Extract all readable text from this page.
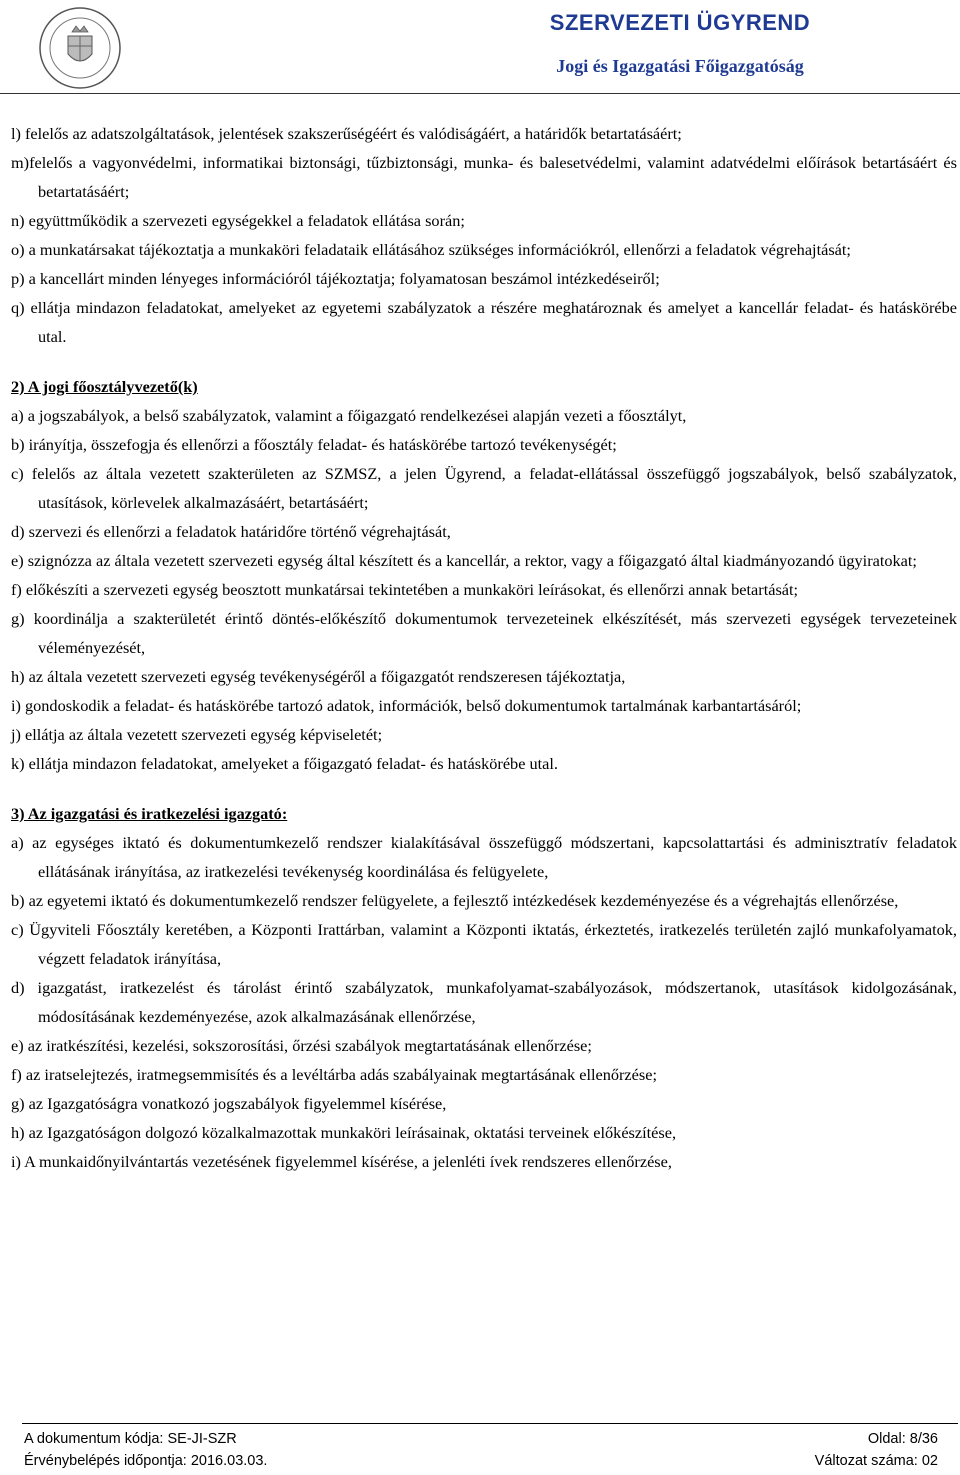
SZERVEZETI ÜGYREND
Jogi és Igazgatási Főigazgatóság

l) felelős az adatszolgáltatások, jelentések szakszerűségéért és valódiságáért, a határidők betartatásáért;

m)felelős a vagyonvédelmi, informatikai biztonsági, tűzbiztonsági, munka- és balesetvédelmi, valamint adatvédelmi előírások betartásáért és betartatásáért;

n) együttműködik a szervezeti egységekkel a feladatok ellátása során;

o) a munkatársakat tájékoztatja a munkaköri feladataik ellátásához szükséges információkról, ellenőrzi a feladatok végrehajtását;

p) a kancellárt minden lényeges információról tájékoztatja; folyamatosan beszámol intézkedéseiről;

q) ellátja mindazon feladatokat, amelyeket az egyetemi szabályzatok a részére meghatároznak és amelyet a kancellár feladat- és hatáskörébe utal.

2) A jogi főosztályvezető(k)

a) a jogszabályok, a belső szabályzatok, valamint a főigazgató rendelkezései alapján vezeti a főosztályt,

b) irányítja, összefogja és ellenőrzi a főosztály feladat- és hatáskörébe tartozó tevékenységét;

c) felelős az általa vezetett szakterületen az SZMSZ, a jelen Ügyrend, a feladat-ellátással összefüggő jogszabályok, belső szabályzatok, utasítások, körlevelek alkalmazásáért, betartásáért;

d) szervezi és ellenőrzi a feladatok határidőre történő végrehajtását,

e) szignózza az általa vezetett szervezeti egység által készített és a kancellár, a rektor, vagy a főigazgató által kiadmányozandó ügyiratokat;

f) előkészíti a szervezeti egység beosztott munkatársai tekintetében a munkaköri leírásokat, és ellenőrzi annak betartását;

g) koordinálja a szakterületét érintő döntés-előkészítő dokumentumok tervezeteinek elkészítését, más szervezeti egységek tervezeteinek véleményezését,

h) az általa vezetett szervezeti egység tevékenységéről a főigazgatót rendszeresen tájékoztatja,

i) gondoskodik a feladat- és hatáskörébe tartozó adatok, információk, belső dokumentumok tartalmának karbantartásáról;

j) ellátja az általa vezetett szervezeti egység képviseletét;

k) ellátja mindazon feladatokat, amelyeket a főigazgató feladat- és hatáskörébe utal.

3) Az igazgatási és iratkezelési igazgató:

a) az egységes iktató és dokumentumkezelő rendszer kialakításával összefüggő módszertani, kapcsolattartási és adminisztratív feladatok ellátásának irányítása, az iratkezelési tevékenység koordinálása és felügyelete,

b) az egyetemi iktató és dokumentumkezelő rendszer felügyelete, a fejlesztő intézkedések kezdeményezése és a végrehajtás ellenőrzése,

c) Ügyviteli Főosztály keretében, a Központi Irattárban, valamint a Központi iktatás, érkeztetés, iratkezelés területén zajló munkafolyamatok, végzett feladatok irányítása,

d) igazgatást, iratkezelést és tárolást érintő szabályzatok, munkafolyamat-szabályozások, módszertanok, utasítások kidolgozásának, módosításának kezdeményezése, azok alkalmazásának ellenőrzése,

e) az iratkészítési, kezelési, sokszorosítási, őrzési szabályok megtartatásának ellenőrzése;

f) az iratselejtezés, iratmegsemmisítés és a levéltárba adás szabályainak megtartásának ellenőrzése;

g) az Igazgatóságra vonatkozó jogszabályok figyelemmel kísérése,

h) az Igazgatóságon dolgozó közalkalmazottak munkaköri leírásainak, oktatási terveinek előkészítése,

i) A munkaidőnyilvántartás vezetésének figyelemmel kísérése, a jelenléti ívek rendszeres ellenőrzése,

A dokumentum kódja: SE-JI-SZR
Érvénybelépés időpontja: 2016.03.03.
Oldal: 8/36
Változat száma: 02
